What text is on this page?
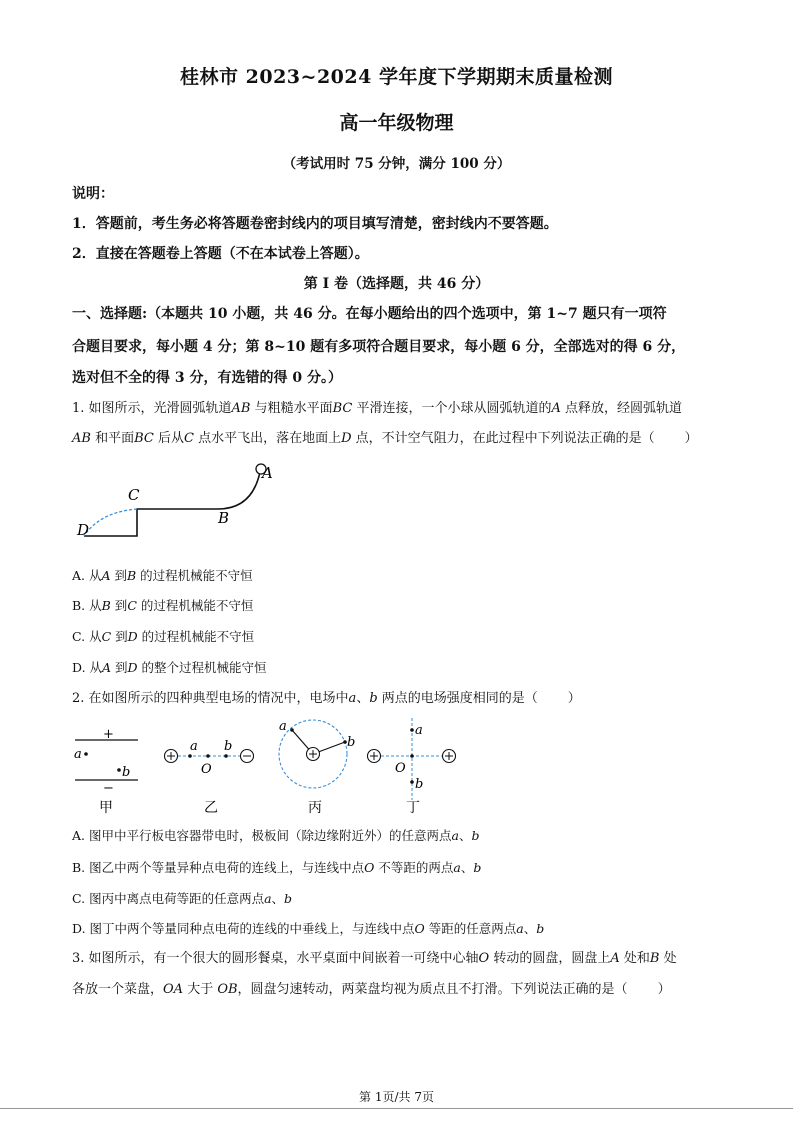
桂林市 2023~2024 学年度下学期期末质量检测
高一年级物理
（考试用时 75 分钟，满分 100 分）
说明：
1．答题前，考生务必将答题卷密封线内的项目填写清楚，密封线内不要答题。
2．直接在答题卷上答题（不在本试卷上答题）。
第 I 卷（选择题，共 46 分）
一、选择题:（本题共 10 小题，共 46 分。在每小题给出的四个选项中，第 1~7 题只有一项符
合题目要求，每小题 4 分；第 8~10 题有多项符合题目要求，每小题 6 分，全部选对的得 6 分，
选对但不全的得 3 分，有选错的得 0 分。）
1. 如图所示，光滑圆弧轨道AB 与粗糙水平面BC 平滑连接，一个小球从圆弧轨道的A 点释放，经圆弧轨道
AB 和平面BC 后从C 点水平飞出，落在地面上D 点，不计空气阻力，在此过程中下列说法正确的是（ ）
A
B
C
D
A. 从A 到B 的过程机械能不守恒
B. 从B 到C 的过程机械能不守恒
C. 从C 到D 的过程机械能不守恒
D. 从A 到D 的整个过程机械能守恒
2. 在如图所示的四种典型电场的情况中，电场中a、b 两点的电场强度相同的是（ ）
+
a
b
−
甲
a
O
b
乙
a
b
丙
a
O
b
丁
A. 图甲中平行板电容器带电时，极板间（除边缘附近外）的任意两点a、b
B. 图乙中两个等量异种点电荷的连线上，与连线中点O 不等距的两点a、b
C. 图丙中离点电荷等距的任意两点a、b
D. 图丁中两个等量同种点电荷的连线的中垂线上，与连线中点O 等距的任意两点a、b
3. 如图所示，有一个很大的圆形餐桌，水平桌面中间嵌着一可绕中心轴O 转动的圆盘，圆盘上A 处和B 处
各放一个菜盘，OA 大于 OB，圆盘匀速转动，两菜盘均视为质点且不打滑。下列说法正确的是（ ）
第 1页/共 7页
